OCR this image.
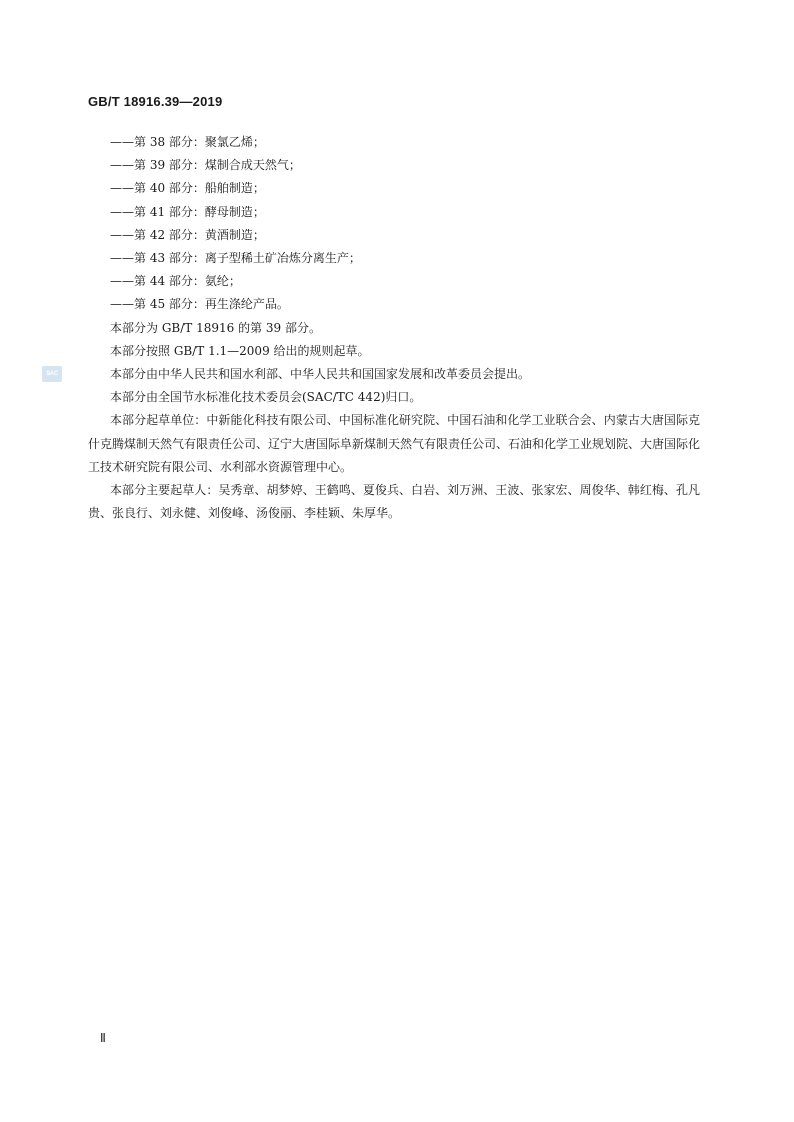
GB/T 18916.39—2019
SAC
——第 38 部分：聚氯乙烯；
——第 39 部分：煤制合成天然气；
——第 40 部分：船舶制造；
——第 41 部分：酵母制造；
——第 42 部分：黄酒制造；
——第 43 部分：离子型稀土矿冶炼分离生产；
——第 44 部分：氨纶；
——第 45 部分：再生涤纶产品。
本部分为 GB/T 18916 的第 39 部分。
本部分按照 GB/T 1.1—2009 给出的规则起草。
本部分由中华人民共和国水利部、中华人民共和国国家发展和改革委员会提出。
本部分由全国节水标准化技术委员会(SAC/TC 442)归口。
本部分起草单位：中新能化科技有限公司、中国标准化研究院、中国石油和化学工业联合会、内蒙古大唐国际克什克腾煤制天然气有限责任公司、辽宁大唐国际阜新煤制天然气有限责任公司、石油和化学工业规划院、大唐国际化工技术研究院有限公司、水利部水资源管理中心。
本部分主要起草人：吴秀章、胡梦婷、王鹤鸣、夏俊兵、白岩、刘万洲、王波、张家宏、周俊华、韩红梅、孔凡贵、张良行、刘永健、刘俊峰、汤俊丽、李桂颖、朱厚华。
Ⅱ
